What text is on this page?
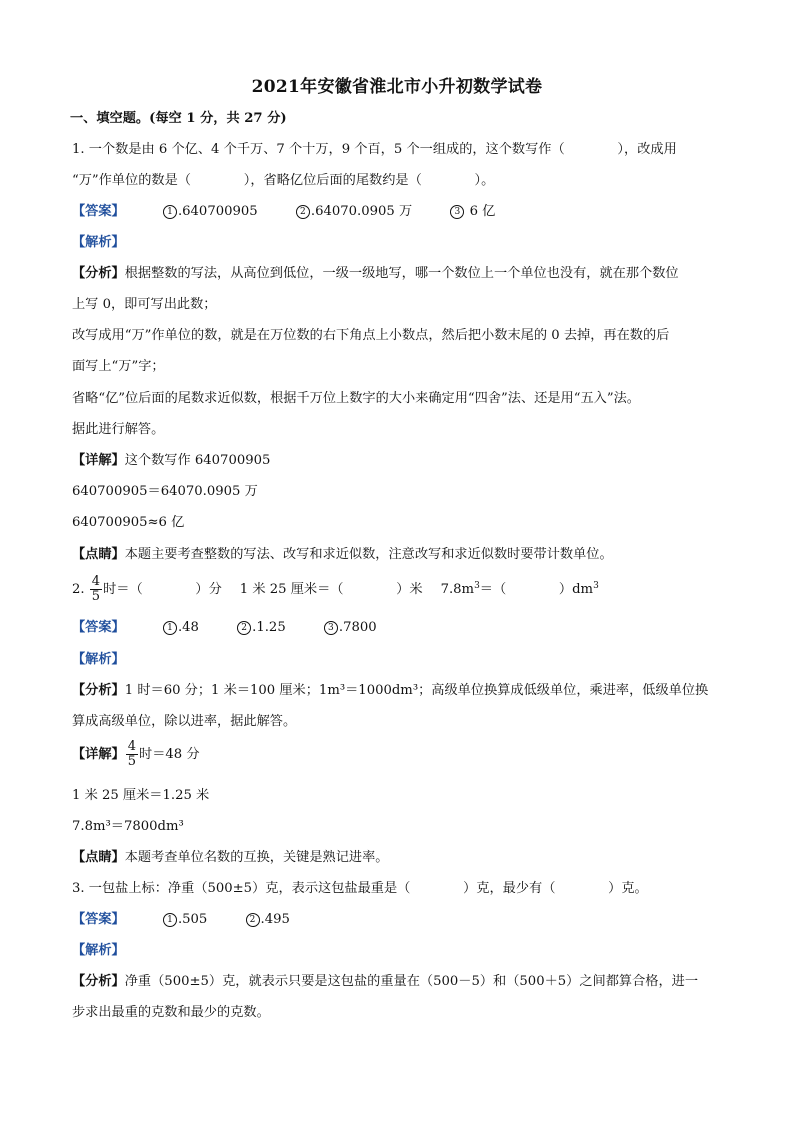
2021年安徽省淮北市小升初数学试卷
一、填空题。(每空 1 分，共 27 分)
1. 一个数是由 6 个亿、4 个千万、7 个十万，9 个百，5 个一组成的，这个数写作（　　　　），改成用
“万”作单位的数是（　　　　），省略亿位后面的尾数约是（　　　　）。
【答案】	1 .640700905	2 .64070.0905 万	3 6 亿
【解析】
【分析】根据整数的写法，从高位到低位，一级一级地写，哪一个数位上一个单位也没有，就在那个数位
上写 0，即可写出此数；
改写成用“万”作单位的数，就是在万位数的右下角点上小数点，然后把小数末尾的 0 去掉，再在数的后
面写上“万”字；
省略“亿”位后面的尾数求近似数，根据千万位上数字的大小来确定用“四舍”法、还是用“五入”法。
据此进行解答。
【详解】这个数写作 640700905
640700905＝64070.0905 万
640700905≈6 亿
【点睛】本题主要考查整数的写法、改写和求近似数，注意改写和求近似数时要带计数单位。
2. $\frac{4}{5}$ 时＝（　　　　）分 1 米 25 厘米＝（　　　　）米 $7.8m^3=$（　　　　）$dm^3$
【答案】	1 .48	2 .1.25	3 .7800
【解析】
【分析】1 时＝60 分；1 米＝100 厘米；1m³＝1000dm³；高级单位换算成低级单位，乘进率，低级单位换
算成高级单位，除以进率，据此解答。
【详解】 $\frac{4}{5}$ 时＝48 分
1 米 25 厘米＝1.25 米
7.8m³＝7800dm³
【点睛】本题考查单位名数的互换，关键是熟记进率。
3. 一包盐上标：净重（500±5）克，表示这包盐最重是（　　　　）克，最少有（　　　　）克。
【答案】	1 .505	2 .495
【解析】
【分析】净重（500±5）克，就表示只要是这包盐的重量在（500－5）和（500＋5）之间都算合格，进一
步求出最重的克数和最少的克数。
